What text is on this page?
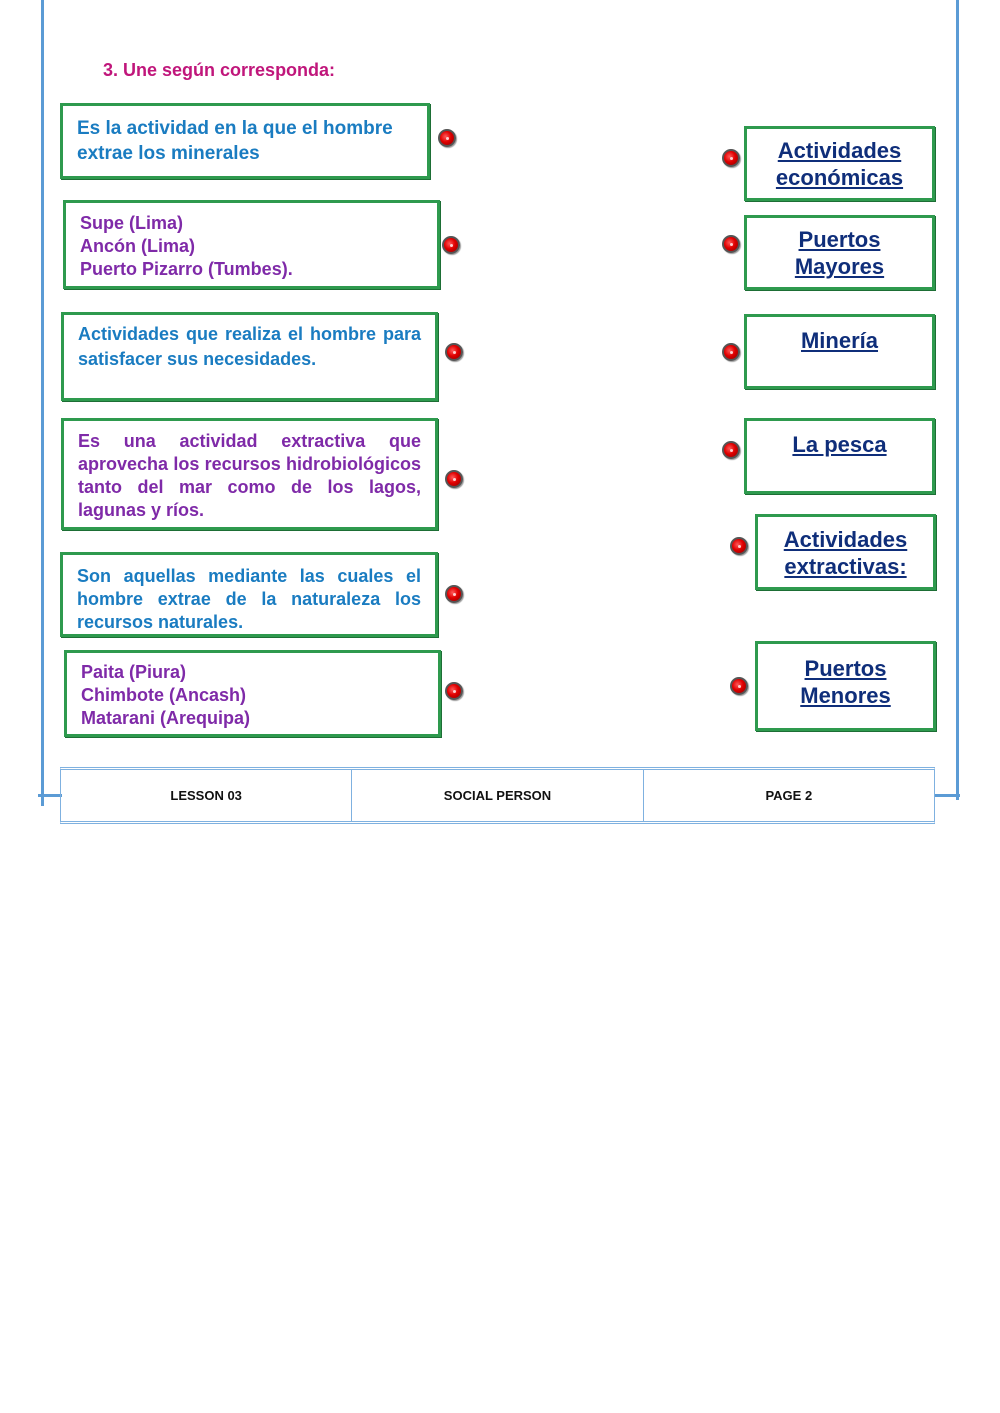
3. Une según corresponda:
Es la actividad en la que el hombre extrae los minerales
Supe (Lima)
Ancón (Lima)
Puerto Pizarro (Tumbes).
Actividades que realiza el hombre para satisfacer sus necesidades.
Es una actividad extractiva que aprovecha los recursos hidrobiológicos tanto del mar como de los lagos, lagunas y ríos.
Son aquellas mediante las cuales el hombre extrae de la naturaleza los recursos naturales.
Paita (Piura)
Chimbote (Ancash)
Matarani (Arequipa)
Actividades
económicas
Puertos
Mayores
Minería
La pesca
Actividades
extractivas:
Puertos
Menores
LESSON 03	SOCIAL PERSON	PAGE 2
